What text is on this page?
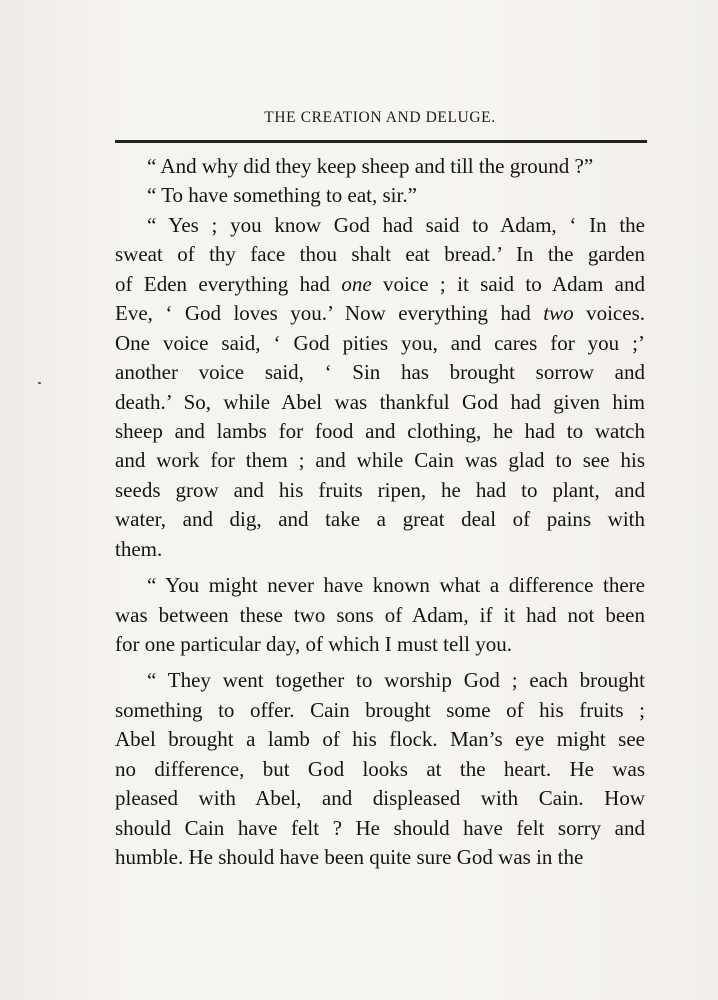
THE CREATION AND DELUGE.
“ And why did they keep sheep and till the ground ?”
“ To have something to eat, sir.”
“ Yes ; you know God had said to Adam, ‘ In the
sweat of thy face thou shalt eat bread.’ In the garden
of Eden everything had one voice ; it said to Adam and
Eve, ‘ God loves you.’ Now everything had two voices.
One voice said, ‘ God pities you, and cares for you ;’
another voice said, ‘ Sin has brought sorrow and
death.’ So, while Abel was thankful God had given him
sheep and lambs for food and clothing, he had to watch
and work for them ; and while Cain was glad to see his
seeds grow and his fruits ripen, he had to plant, and
water, and dig, and take a great deal of pains with
them.
“ You might never have known what a difference there
was between these two sons of Adam, if it had not been
for one particular day, of which I must tell you.
“ They went together to worship God ; each brought
something to offer. Cain brought some of his fruits ;
Abel brought a lamb of his flock. Man’s eye might see
no difference, but God looks at the heart. He was
pleased with Abel, and displeased with Cain. How
should Cain have felt ? He should have felt sorry and
humble. He should have been quite sure God was in the
